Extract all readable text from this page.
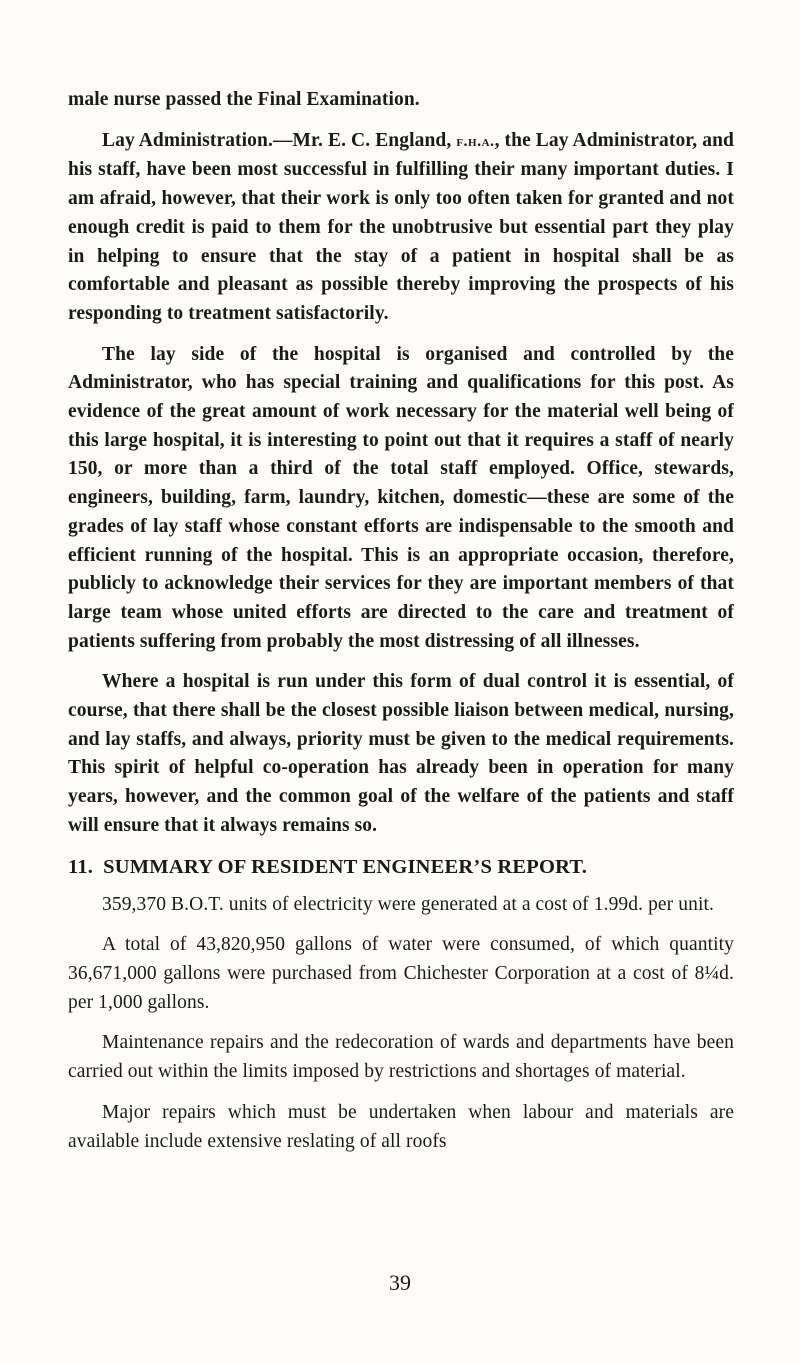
male nurse passed the Final Examination.

Lay Administration.—Mr. E. C. England, f.h.a., the Lay Administrator, and his staff, have been most successful in fulfilling their many important duties. I am afraid, however, that their work is only too often taken for granted and not enough credit is paid to them for the unobtrusive but essential part they play in helping to ensure that the stay of a patient in hospital shall be as comfortable and pleasant as possible thereby improving the prospects of his responding to treatment satisfactorily.

The lay side of the hospital is organised and controlled by the Administrator, who has special training and qualifications for this post. As evidence of the great amount of work necessary for the material well being of this large hospital, it is interesting to point out that it requires a staff of nearly 150, or more than a third of the total staff employed. Office, stewards, engineers, building, farm, laundry, kitchen, domestic—these are some of the grades of lay staff whose constant efforts are indispensable to the smooth and efficient running of the hospital. This is an appropriate occasion, therefore, publicly to acknowledge their services for they are important members of that large team whose united efforts are directed to the care and treatment of patients suffering from probably the most distressing of all illnesses.

Where a hospital is run under this form of dual control it is essential, of course, that there shall be the closest possible liaison between medical, nursing, and lay staffs, and always, priority must be given to the medical requirements. This spirit of helpful co-operation has already been in operation for many years, however, and the common goal of the welfare of the patients and staff will ensure that it always remains so.

11. SUMMARY OF RESIDENT ENGINEER’S REPORT.

359,370 B.O.T. units of electricity were generated at a cost of 1.99d. per unit.

A total of 43,820,950 gallons of water were consumed, of which quantity 36,671,000 gallons were purchased from Chichester Corporation at a cost of 8¼d. per 1,000 gallons.

Maintenance repairs and the redecoration of wards and departments have been carried out within the limits imposed by restrictions and shortages of material.

Major repairs which must be undertaken when labour and materials are available include extensive reslating of all roofs

39
